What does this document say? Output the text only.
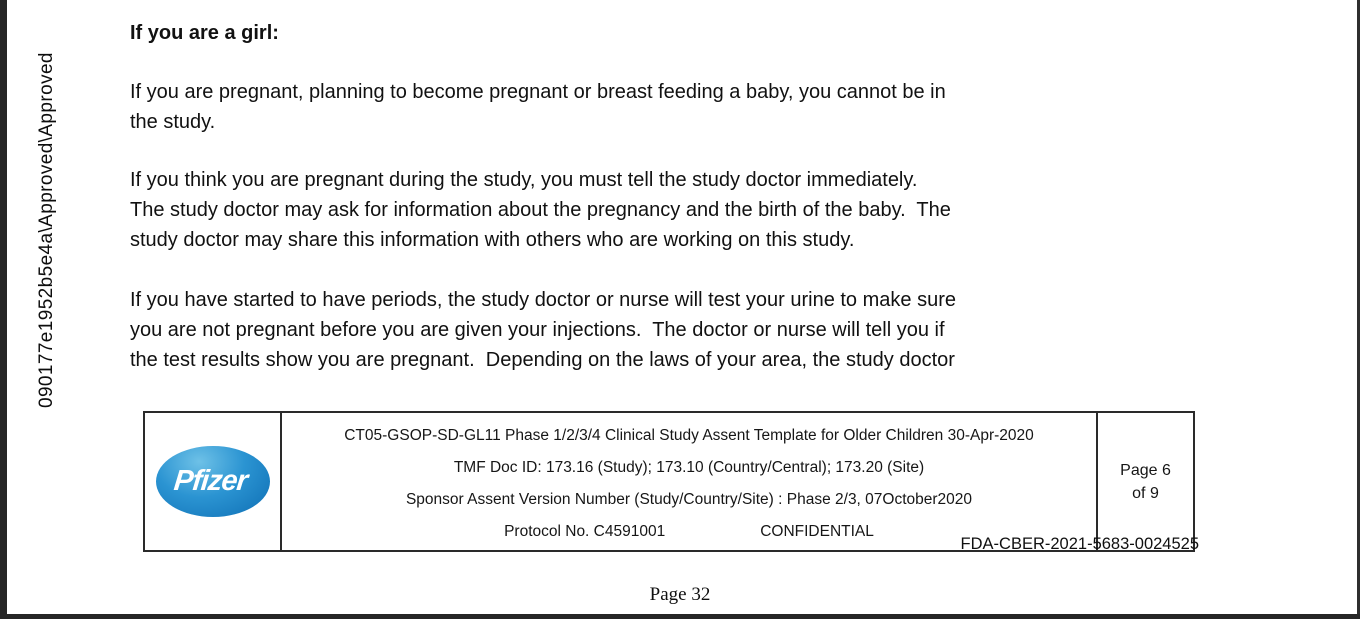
090177e1952b5e4a\Approved\Approved
If you are a girl:
If you are pregnant, planning to become pregnant or breast feeding a baby, you cannot be in
the study.
If you think you are pregnant during the study, you must tell the study doctor immediately.
The study doctor may ask for information about the pregnancy and the birth of the baby.  The
study doctor may share this information with others who are working on this study.
If you have started to have periods, the study doctor or nurse will test your urine to make sure
you are not pregnant before you are given your injections.  The doctor or nurse will tell you if
the test results show you are pregnant.  Depending on the laws of your area, the study doctor
Pfizer
CT05-GSOP-SD-GL11 Phase 1/2/3/4 Clinical Study Assent Template for Older Children 30-Apr-2020
TMF Doc ID: 173.16 (Study); 173.10 (Country/Central); 173.20 (Site)
Sponsor Assent Version Number (Study/Country/Site) : Phase 2/3, 07October2020
Protocol No. C4591001	CONFIDENTIAL
Page 6
of 9
FDA-CBER-2021-5683-0024525
Page 32
